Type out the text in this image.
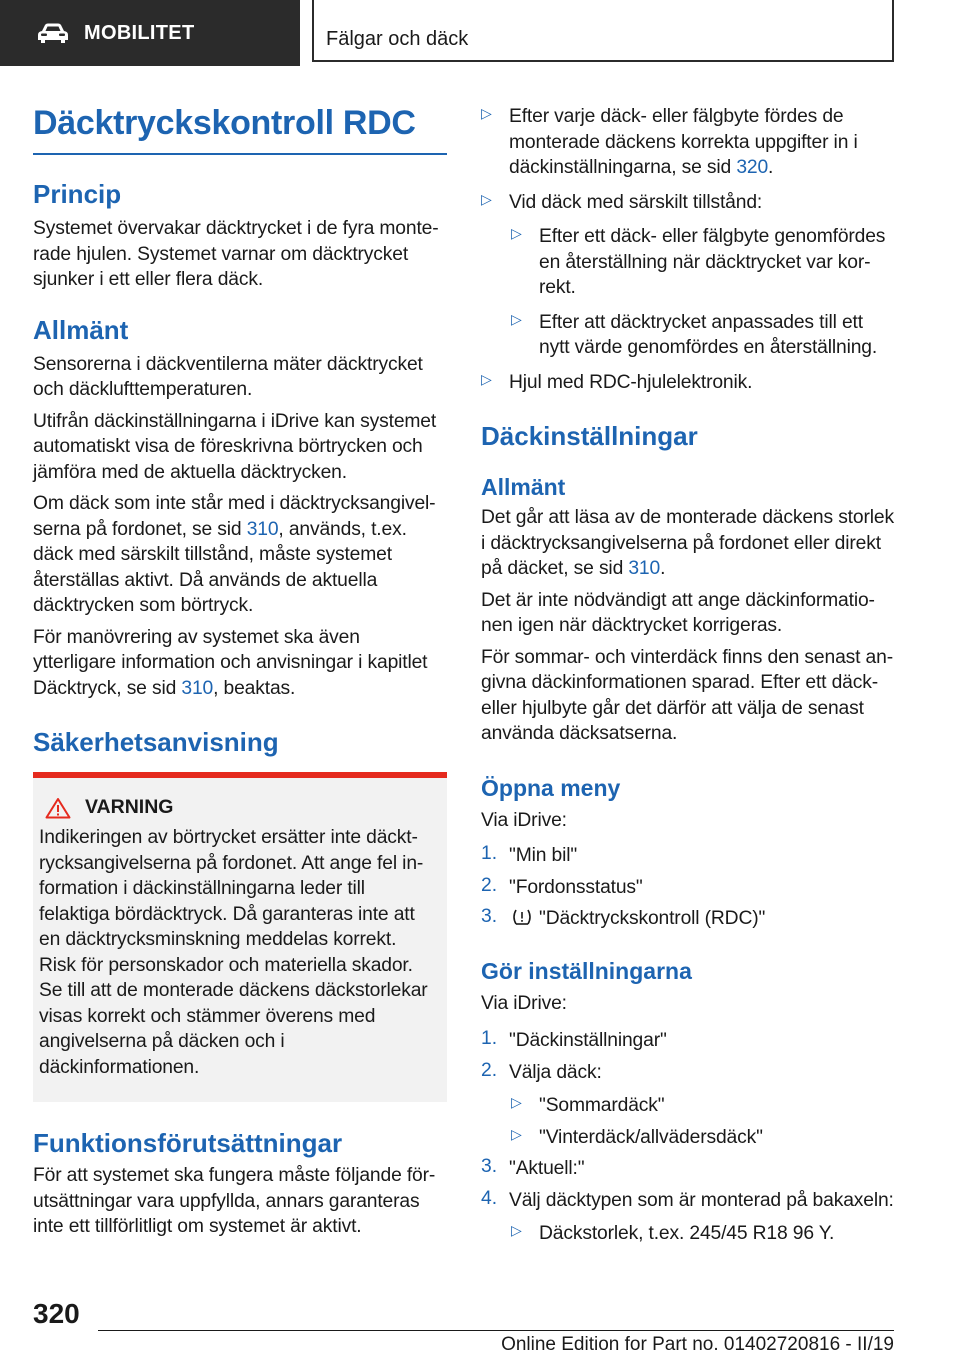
MOBILITET	Fälgar och däck
Däcktryckskontroll RDC
Princip

Systemet övervakar däcktrycket i de fyra monterade hjulen. Systemet varnar om däcktrycket sjunker i ett eller flera däck.

Allmänt

Sensorerna i däckventilerna mäter däcktrycket och däcklufttemperaturen.

Utifrån däckinställningarna i iDrive kan systemet automatiskt visa de föreskrivna börtrycken och jämföra med de aktuella däcktrycken.

Om däck som inte står med i däcktrycksangivelserna på fordonet, se sid 310, används, t.ex. däck med särskilt tillstånd, måste systemet återställas aktivt. Då används de aktuella däcktrycken som börtryck.

För manövrering av systemet ska även ytterligare information och anvisningar i kapitlet Däcktryck, se sid 310, beaktas.

Säkerhetsanvisning
VARNING

Indikeringen av börtrycket ersätter inte däcktrycksangivelserna på fordonet. Att ange fel information i däckinställningarna leder till felaktiga bördäcktryck. Då garanteras inte att en däcktrycksminskning meddelas korrekt. Risk för personskador och materiella skador. Se till att de monterade däckens däckstorlekar visas korrekt och stämmer överens med angivelserna på däcken och i däckinformationen.

Funktionsförutsättningar

För att systemet ska fungera måste följande förutsättningar vara uppfyllda, annars garanteras inte ett tillförlitligt om systemet är aktivt.

▷ Efter varje däck- eller fälgbyte fördes de monterade däckens korrekta uppgifter in i däckinställningarna, se sid 320.

▷ Vid däck med särskilt tillstånd:

▷ Efter ett däck- eller fälgbyte genomfördes en återställning när däcktrycket var korrekt.

▷ Efter att däcktrycket anpassades till ett nytt värde genomfördes en återställning.

▷ Hjul med RDC-hjulelektronik.

Däckinställningar
Allmänt

Det går att läsa av de monterade däckens storlek i däcktrycksangivelserna på fordonet eller direkt på däcket, se sid 310.

Det är inte nödvändigt att ange däckinformationen igen när däcktrycket korrigeras.

För sommar- och vinterdäck finns den senast angivna däckinformationen sparad. Efter ett däck- eller hjulbyte går det därför att välja de senast använda däcksatserna.

Öppna meny

Via iDrive:

1. "Min bil"

2. "Fordonsstatus"

3.	"Däcktryckskontroll (RDC)"

Gör inställningarna

Via iDrive:

1. "Däckinställningar"

2. Välja däck:

▷ "Sommardäck"

▷ "Vinterdäck/allvädersdäck"

3. "Aktuell:"

4. Välj däcktypen som är monterad på bakaxeln:

▷ Däckstorlek, t.ex. 245/45 R18 96 Y.

320
Online Edition for Part no. 01402720816 - II/19
